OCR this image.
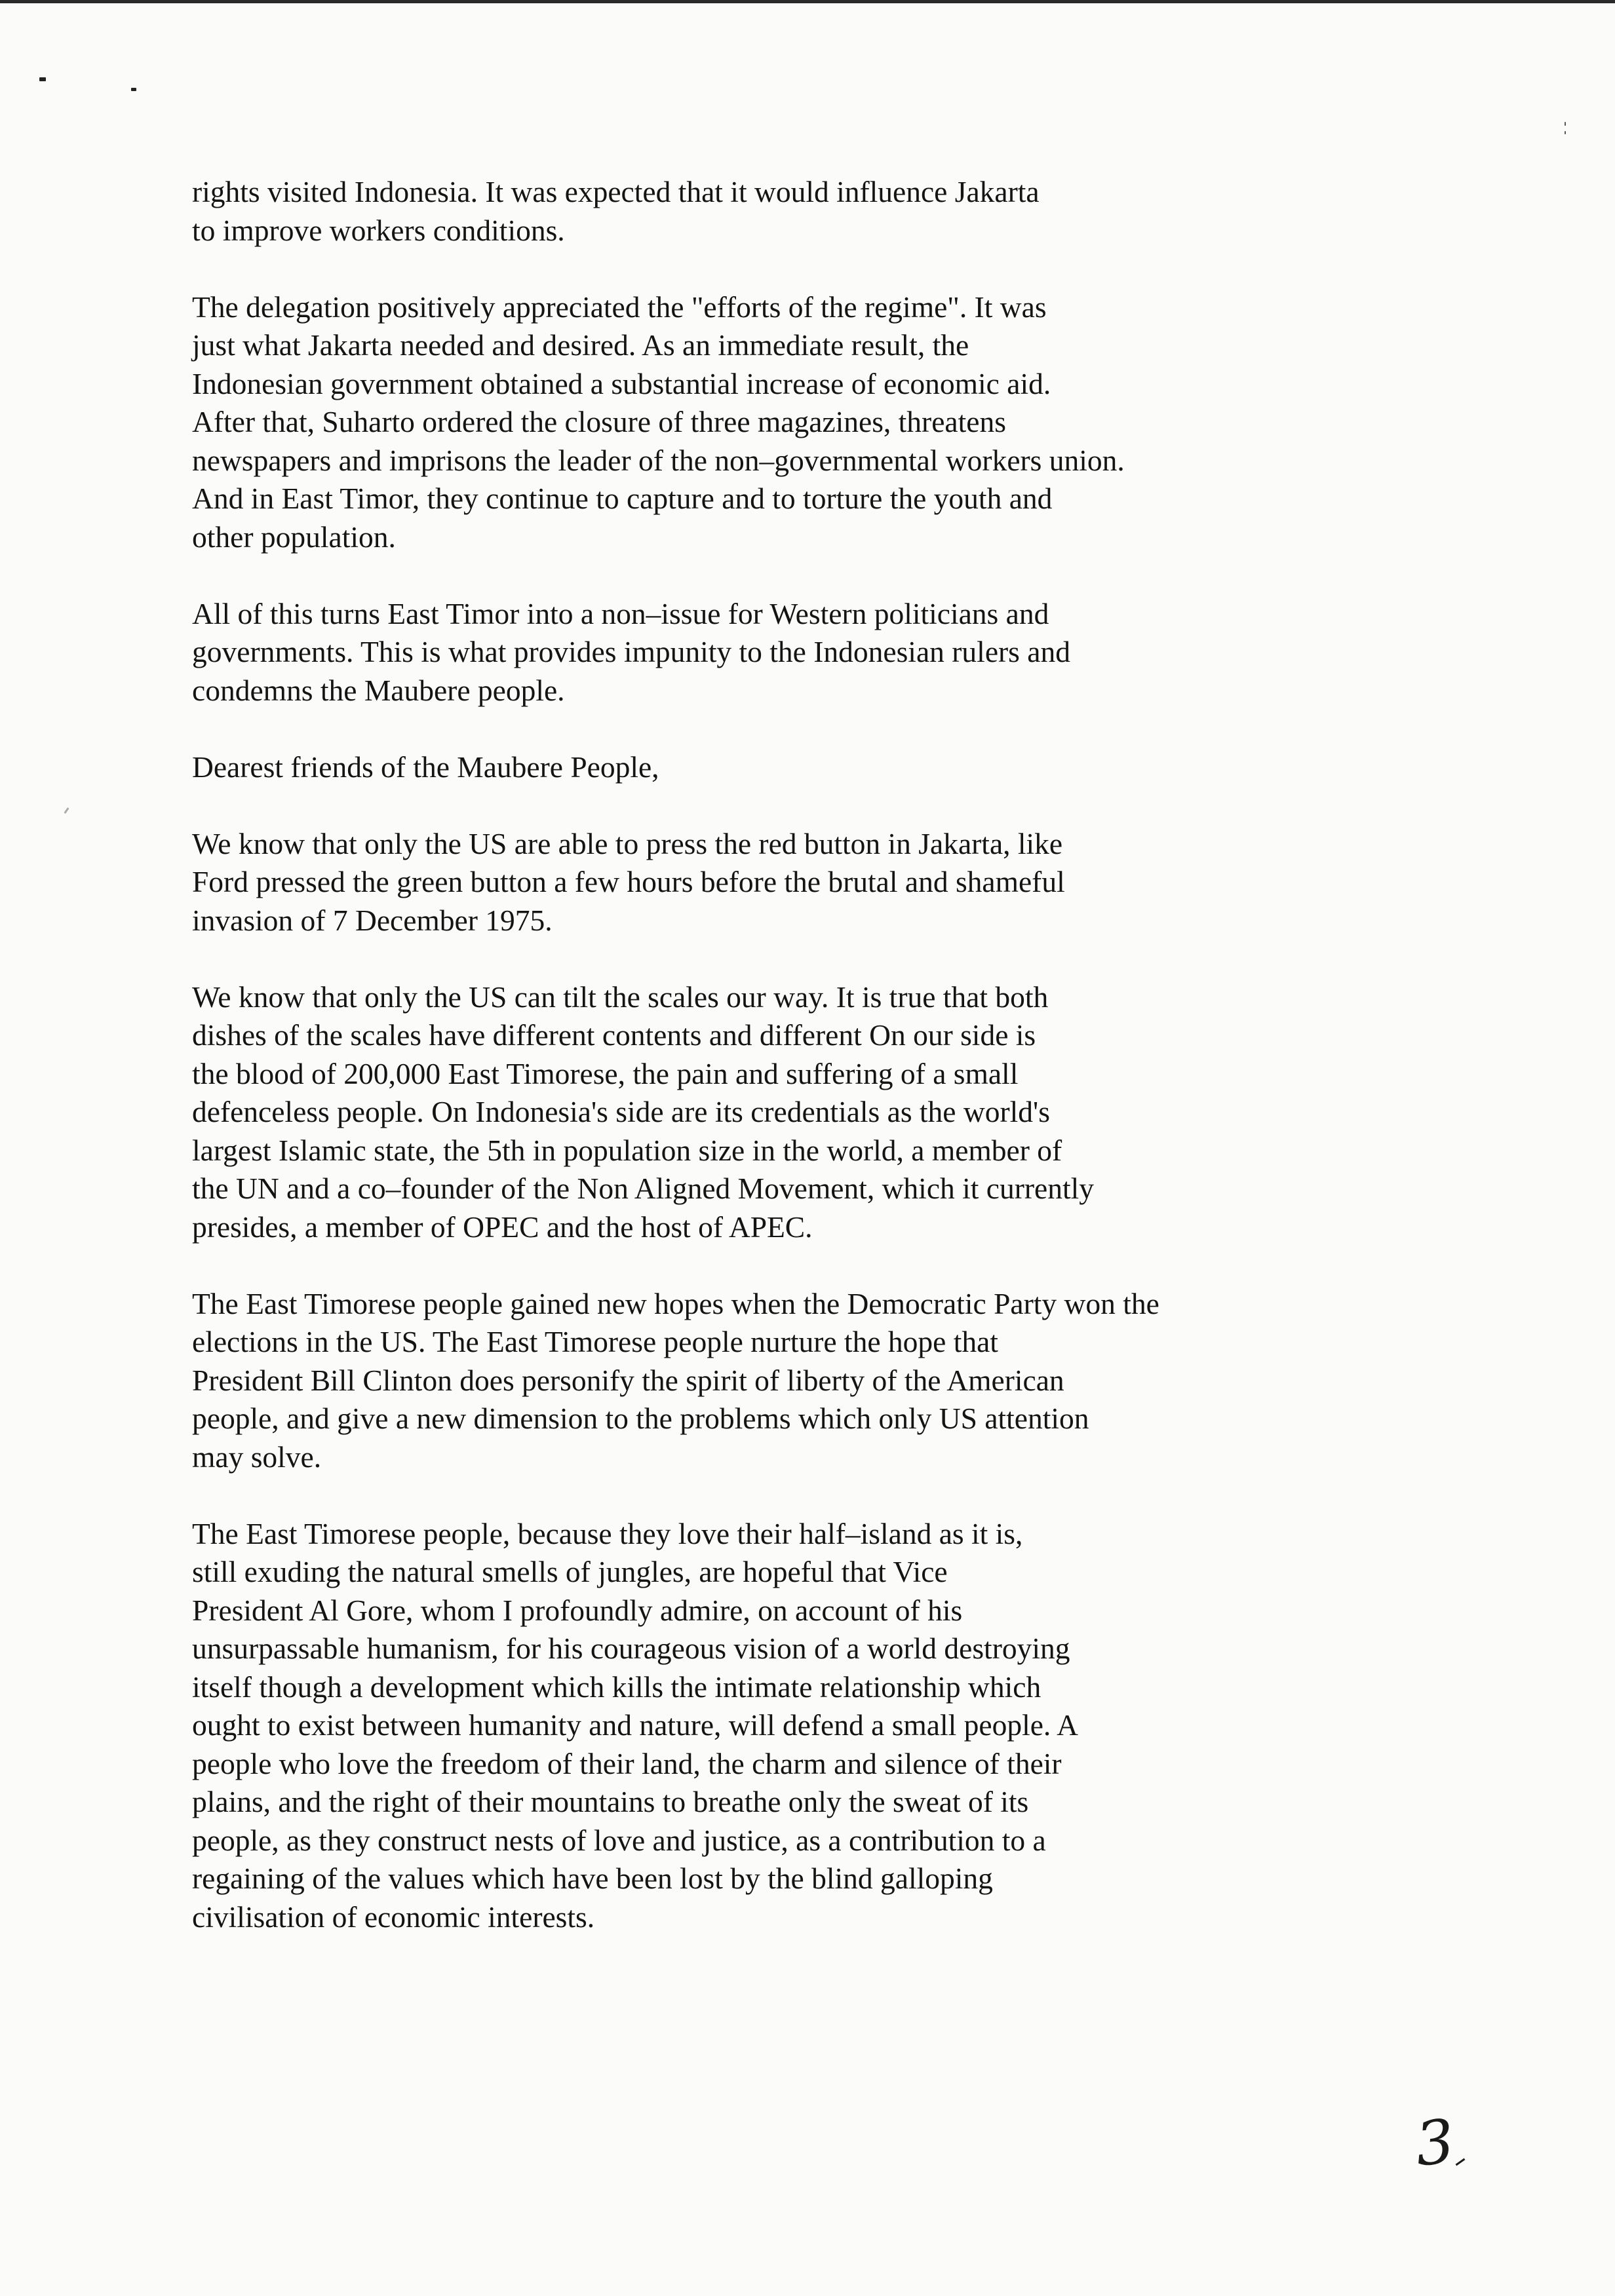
rights visited Indonesia. It was expected that it would influence Jakarta
to improve workers conditions.

The delegation positively appreciated the "efforts of the regime". It was
just what Jakarta needed and desired. As an immediate result, the
Indonesian government obtained a substantial increase of economic aid.
After that, Suharto ordered the closure of three magazines, threatens
newspapers and imprisons the leader of the non–governmental workers union.
And in East Timor, they continue to capture and to torture the youth and
other population.

All of this turns East Timor into a non–issue for Western politicians and
governments. This is what provides impunity to the Indonesian rulers and
condemns the Maubere people.

Dearest friends of the Maubere People,

We know that only the US are able to press the red button in Jakarta, like
Ford pressed the green button a few hours before the brutal and shameful
invasion of 7 December 1975.

We know that only the US can tilt the scales our way. It is true that both
dishes of the scales have different contents and different On our side is
the blood of 200,000 East Timorese, the pain and suffering of a small
defenceless people. On Indonesia's side are its credentials as the world's
largest Islamic state, the 5th in population size in the world, a member of
the UN and a co–founder of the Non Aligned Movement, which it currently
presides, a member of OPEC and the host of APEC.

The East Timorese people gained new hopes when the Democratic Party won the
elections in the US. The East Timorese people nurture the hope that
President Bill Clinton does personify the spirit of liberty of the American
people, and give a new dimension to the problems which only US attention
may solve.

The East Timorese people, because they love their half–island as it is,
still exuding the natural smells of jungles, are hopeful that Vice
President Al Gore, whom I profoundly admire, on account of his
unsurpassable humanism, for his courageous vision of a world destroying
itself though a development which kills the intimate relationship which
ought to exist between humanity and nature, will defend a small people. A
people who love the freedom of their land, the charm and silence of their
plains, and the right of their mountains to breathe only the sweat of its
people, as they construct nests of love and justice, as a contribution to a
regaining of the values which have been lost by the blind galloping
civilisation of economic interests.

3
